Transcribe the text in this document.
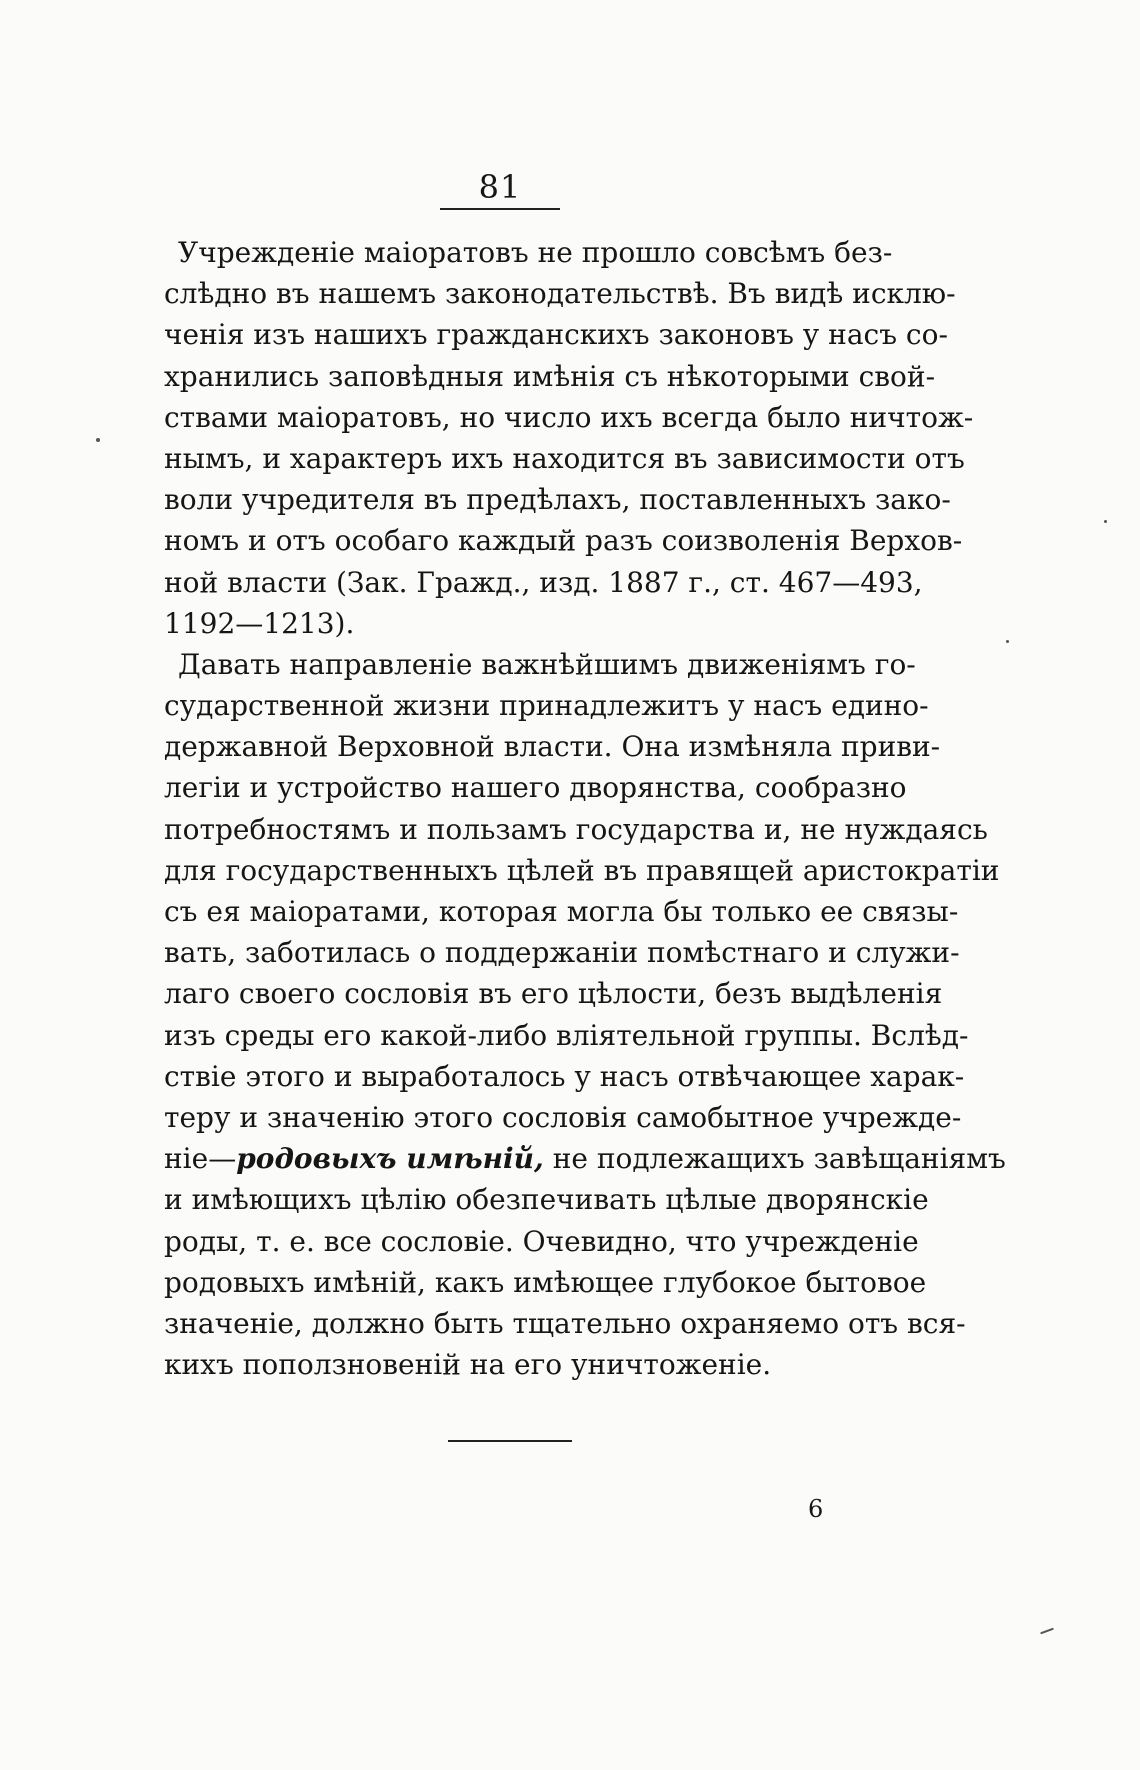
81
Учрежденiе маiоратовъ не прошло совсѣмъ без-
слѣдно въ нашемъ законодательствѣ. Въ видѣ исклю-
ченiя изъ нашихъ гражданскихъ законовъ у насъ со-
хранились заповѣдныя имѣнiя съ нѣкоторыми свой-
ствами маiоратовъ, но число ихъ всегда было ничтож-
нымъ, и характеръ ихъ находится въ зависимости отъ
воли учредителя въ предѣлахъ, поставленныхъ зако-
номъ и отъ особаго каждый разъ соизволенiя Верхов-
ной власти (Зак. Гражд., изд. 1887 г., ст. 467—493,
1192—1213).
Давать направленiе важнѣйшимъ движенiямъ го-
сударственной жизни принадлежитъ у насъ едино-
державной Верховной власти. Она измѣняла приви-
легiи и устройство нашего дворянства, сообразно
потребностямъ и пользамъ государства и, не нуждаясь
для государственныхъ цѣлей въ правящей аристократiи
съ ея маiоратами, которая могла бы только ее связы-
вать, заботилась о поддержанiи помѣстнаго и служи-
лаго своего сословiя въ его цѣлости, безъ выдѣленiя
изъ среды его какой-либо влiятельной группы. Вслѣд-
ствiе этого и выработалось у насъ отвѣчающее харак-
теру и значенiю этого сословiя самобытное учрежде-
нiе—родовыхъ имѣнiй, не подлежащихъ завѣщанiямъ
и имѣющихъ цѣлiю обезпечивать цѣлые дворянскiе
роды, т. е. все сословiе. Очевидно, что учрежденiе
родовыхъ имѣнiй, какъ имѣющее глубокое бытовое
значенiе, должно быть тщательно охраняемо отъ вся-
кихъ поползновенiй на его уничтоженiе.
6
